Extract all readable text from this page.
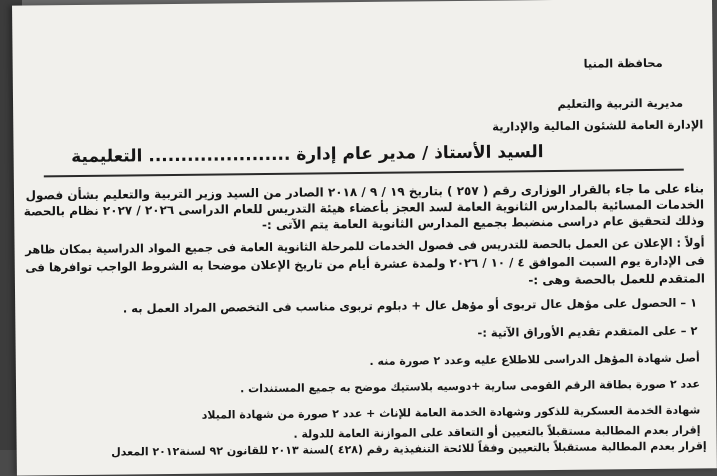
محافظة المنيا
مديرية التربية والتعليم
الإدارة العامة للشئون المالية والإدارية
السيد الأستاذ / مدير عام إدارة ...................... التعليمية
بناء على ما جاء بالقرار الوزارى رقم ( ٢٥٧ ) بتاريخ ١٩ / ٩ / ٢٠١٨ الصادر من السيد وزير التربية والتعليم بشأن فصول
الخدمات المسائية بالمدارس الثانوية العامة لسد العجز بأعضاء هيئة التدريس للعام الدراسى ٢٠٢٦ / ٢٠٢٧ نظام بالحصة
وذلك لتحقيق عام دراسى منضبط بجميع المدارس الثانوية العامة يتم الآتى :-
أولاً : الإعلان عن العمل بالحصة للتدريس فى فصول الخدمات للمرحلة الثانوية العامة فى جميع المواد الدراسية بمكان ظاهر
فى الإدارة يوم السبت الموافق ٤ / ١٠ / ٢٠٢٦ ولمدة عشرة أيام من تاريخ الإعلان موضحا به الشروط الواجب توافرها فى
المتقدم للعمل بالحصة وهى :-
١ – الحصول على مؤهل عال تربوى أو مؤهل عال + دبلوم تربوى مناسب فى التخصص المراد العمل به .
٢ – على المتقدم تقديم الأوراق الآتية :-
أصل شهادة المؤهل الدراسى للاطلاع عليه وعدد ٢ صورة منه .
عدد ٢ صورة بطاقة الرقم القومى سارية +دوسيه بلاستيك موضح به جميع المستندات .
شهادة الخدمة العسكرية للذكور وشهادة الخدمة العامة للإناث + عدد ٢ صورة من شهادة الميلاد
إقرار بعدم المطالبة مستقبلاً بالتعيين أو التعاقد على الموازنة العامة للدولة .
إقرار بعدم المطالبة مستقبلاً بالتعيين وفقاً للائحة التنفيذية رقم (٤٢٨ )لسنة ٢٠١٣ للقانون ٩٢ لسنة٢٠١٢ المعدل
